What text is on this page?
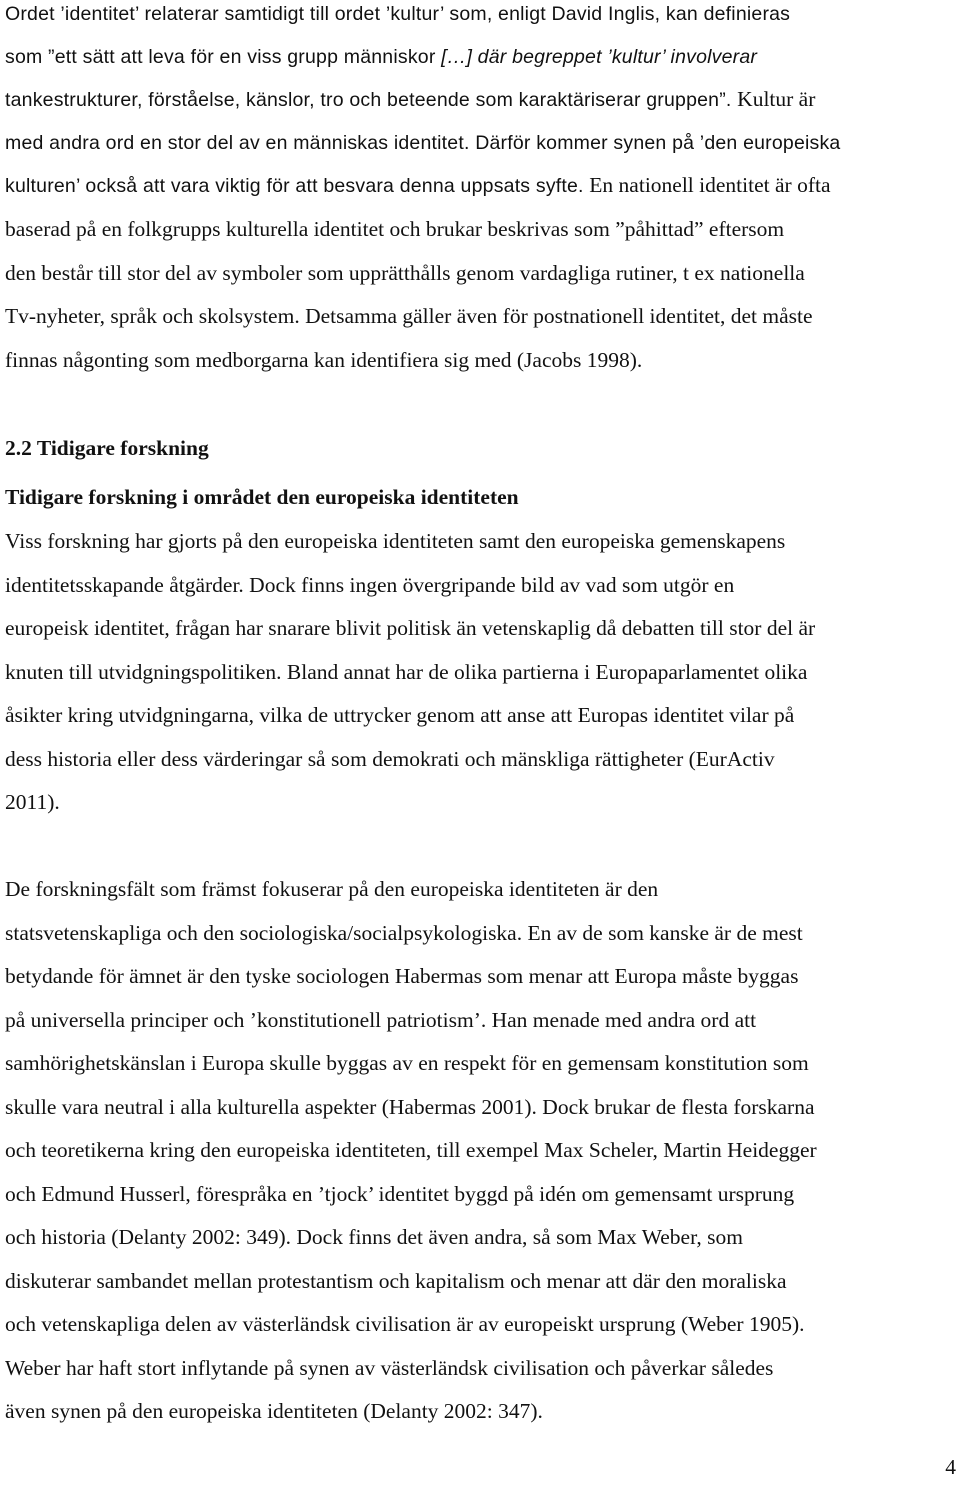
Ordet ’identitet’ relaterar samtidigt till ordet ’kultur’ som, enligt David Inglis, kan definieras
som ”ett sätt att leva för en viss grupp människor […] där begreppet ’kultur’ involverar
tankestrukturer, förståelse, känslor, tro och beteende som karaktäriserar gruppen”. Kultur är
med andra ord en stor del av en människas identitet. Därför kommer synen på ’den europeiska
kulturen’ också att vara viktig för att besvara denna uppsats syfte. En nationell identitet är ofta
baserad på en folkgrupps kulturella identitet och brukar beskrivas som ”påhittad” eftersom
den består till stor del av symboler som upprätthålls genom vardagliga rutiner, t ex nationella
Tv-nyheter, språk och skolsystem. Detsamma gäller även för postnationell identitet, det måste
finnas någonting som medborgarna kan identifiera sig med (Jacobs 1998).
2.2 Tidigare forskning
Tidigare forskning i området den europeiska identiteten
Viss forskning har gjorts på den europeiska identiteten samt den europeiska gemenskapens
identitetsskapande åtgärder. Dock finns ingen övergripande bild av vad som utgör en
europeisk identitet, frågan har snarare blivit politisk än vetenskaplig då debatten till stor del är
knuten till utvidgningspolitiken. Bland annat har de olika partierna i Europaparlamentet olika
åsikter kring utvidgningarna, vilka de uttrycker genom att anse att Europas identitet vilar på
dess historia eller dess värderingar så som demokrati och mänskliga rättigheter (EurActiv
2011).
De forskningsfält som främst fokuserar på den europeiska identiteten är den
statsvetenskapliga och den sociologiska/socialpsykologiska. En av de som kanske är de mest
betydande för ämnet är den tyske sociologen Habermas som menar att Europa måste byggas
på universella principer och ’konstitutionell patriotism’. Han menade med andra ord att
samhörighetskänslan i Europa skulle byggas av en respekt för en gemensam konstitution som
skulle vara neutral i alla kulturella aspekter (Habermas 2001). Dock brukar de flesta forskarna
och teoretikerna kring den europeiska identiteten, till exempel Max Scheler, Martin Heidegger
och Edmund Husserl, förespråka en ’tjock’ identitet byggd på idén om gemensamt ursprung
och historia (Delanty 2002: 349). Dock finns det även andra, så som Max Weber, som
diskuterar sambandet mellan protestantism och kapitalism och menar att där den moraliska
och vetenskapliga delen av västerländsk civilisation är av europeiskt ursprung (Weber 1905).
Weber har haft stort inflytande på synen av västerländsk civilisation och påverkar således
även synen på den europeiska identiteten (Delanty 2002: 347).
4
